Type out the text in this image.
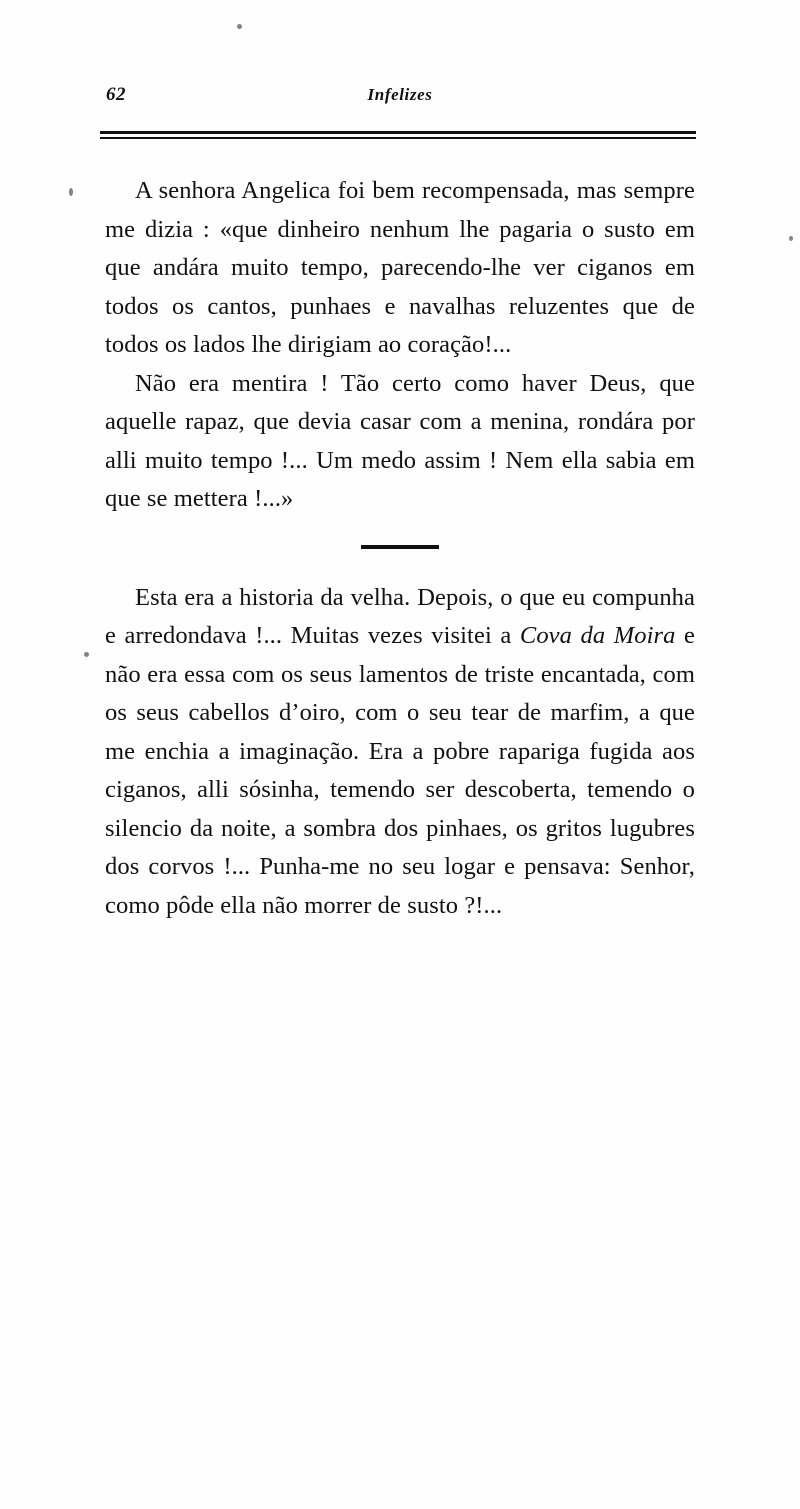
62	Infelizes

A senhora Angelica foi bem recompensada, mas sempre me dizia : «que dinheiro nenhum lhe pagaria o susto em que andára muito tempo, parecendo-lhe ver ciganos em todos os cantos, punhaes e navalhas reluzentes que de todos os lados lhe dirigiam ao coração!...

Não era mentira ! Tão certo como haver Deus, que aquelle rapaz, que devia casar com a menina, rondára por alli muito tempo !... Um medo assim ! Nem ella sabia em que se mettera !...»

Esta era a historia da velha. Depois, o que eu compunha e arredondava !... Muitas vezes visitei a Cova da Moira e não era essa com os seus lamentos de triste encantada, com os seus cabellos d’oiro, com o seu tear de marfim, a que me enchia a imaginação. Era a pobre rapariga fugida aos ciganos, alli sósinha, temendo ser descoberta, temendo o silencio da noite, a sombra dos pinhaes, os gritos lugubres dos corvos !... Punha-me no seu logar e pensava: Senhor, como pôde ella não morrer de susto ?!...
